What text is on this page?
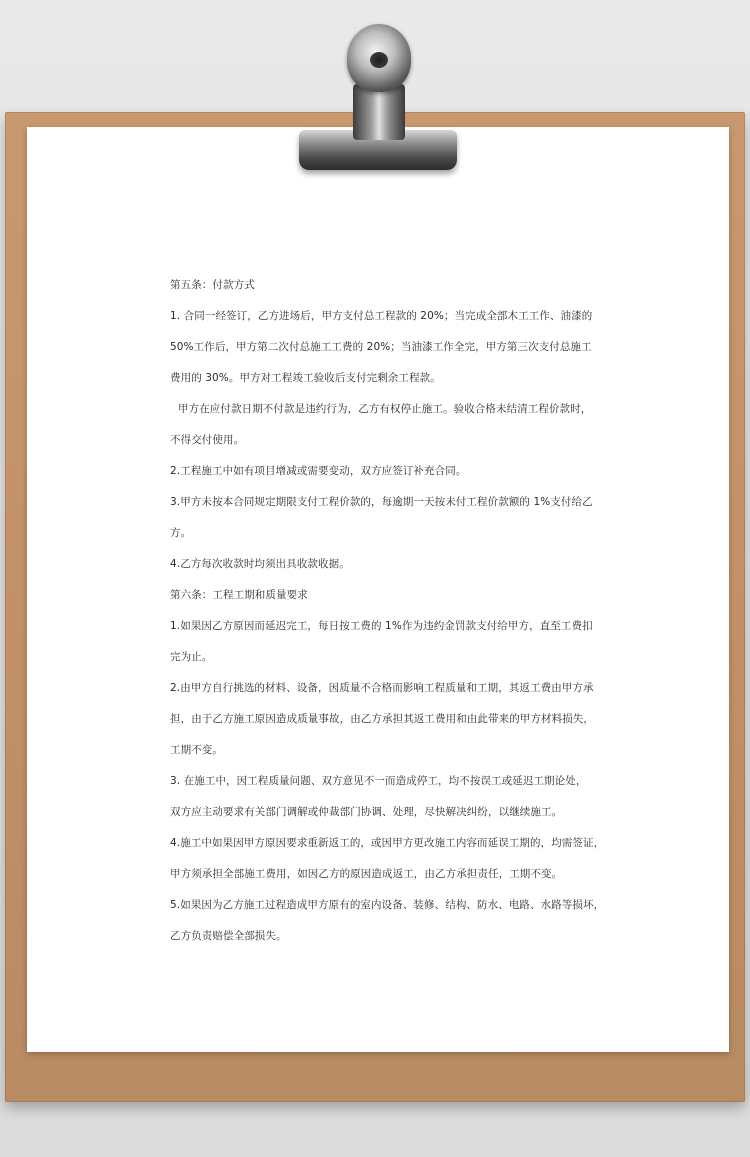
第五条：付款方式
1. 合同一经签订，乙方进场后，甲方支付总工程款的 20%；当完成全部木工工作、油漆的
50%工作后，甲方第二次付总施工工费的 20%；当油漆工作全完，甲方第三次支付总施工
费用的 30%。甲方对工程竣工验收后支付完剩余工程款。
甲方在应付款日期不付款是违约行为，乙方有权停止施工。验收合格未结清工程价款时，
不得交付使用。
2.工程施工中如有项目增减或需要变动，双方应签订补充合同。
3.甲方未按本合同规定期限支付工程价款的，每逾期一天按未付工程价款额的 1%支付给乙
方。
4.乙方每次收款时均须出具收款收据。
第六条：工程工期和质量要求
1.如果因乙方原因而延迟完工，每日按工费的 1%作为违约金罚款支付给甲方，直至工费扣
完为止。
2.由甲方自行挑选的材料、设备，因质量不合格而影响工程质量和工期，其返工费由甲方承
担，由于乙方施工原因造成质量事故，由乙方承担其返工费用和由此带来的甲方材料损失，
工期不变。
3. 在施工中，因工程质量问题、双方意见不一而造成停工，均不按误工或延迟工期论处，
双方应主动要求有关部门调解或仲裁部门协调、处理，尽快解决纠纷，以继续施工。
4.施工中如果因甲方原因要求重新返工的，或因甲方更改施工内容而延误工期的，均需签证，
甲方须承担全部施工费用，如因乙方的原因造成返工，由乙方承担责任，工期不变。
5.如果因为乙方施工过程造成甲方原有的室内设备、装修、结构、防水、电路、水路等损坏，
乙方负责赔偿全部损失。
